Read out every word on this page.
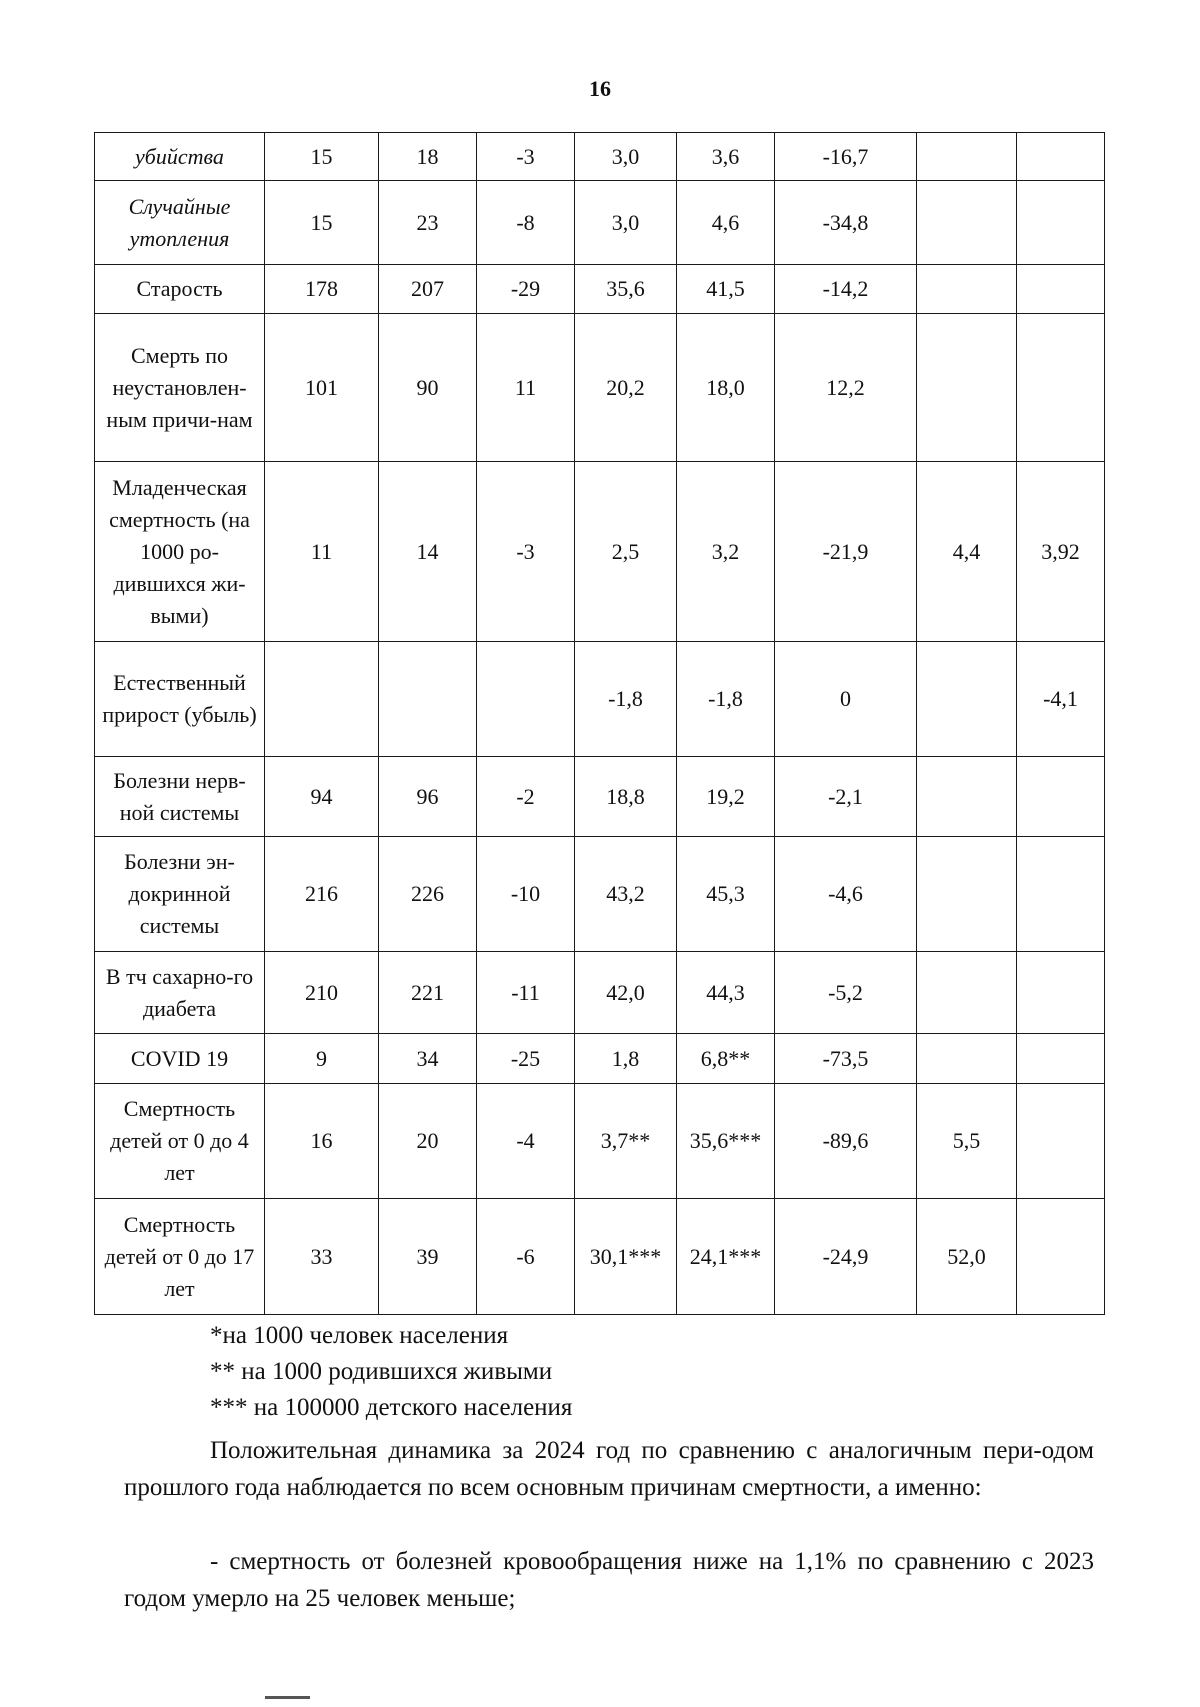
16
убийства	15	18	-3	3,0	3,6	-16,7		
Случайные утопления	15	23	-8	3,0	4,6	-34,8		
Старость	178	207	-29	35,6	41,5	-14,2		
Смерть по неустановлен-ным причи-нам	101	90	11	20,2	18,0	12,2		
Младенческая смертность (на 1000 ро-дившихся жи-выми)	11	14	-3	2,5	3,2	-21,9	4,4	3,92
Естественный прирост (убыль)				-1,8	-1,8	0		-4,1
Болезни нерв-ной системы	94	96	-2	18,8	19,2	-2,1		
Болезни эн-докринной системы	216	226	-10	43,2	45,3	-4,6		
В тч сахарно-го диабета	210	221	-11	42,0	44,3	-5,2		
COVID 19	9	34	-25	1,8	6,8**	-73,5		
Смертность детей от 0 до 4 лет	16	20	-4	3,7**	35,6***	-89,6	5,5	
Смертность детей от 0 до 17 лет	33	39	-6	30,1***	24,1***	-24,9	52,0	
*на 1000 человек населения
** на 1000 родившихся живыми
*** на 100000 детского населения
Положительная динамика за 2024 год по сравнению с аналогичным пери-одом прошлого года наблюдается по всем основным причинам смертности, а именно:
- смертность от болезней кровообращения ниже на 1,1% по сравнению с 2023 годом умерло на 25 человек меньше;
